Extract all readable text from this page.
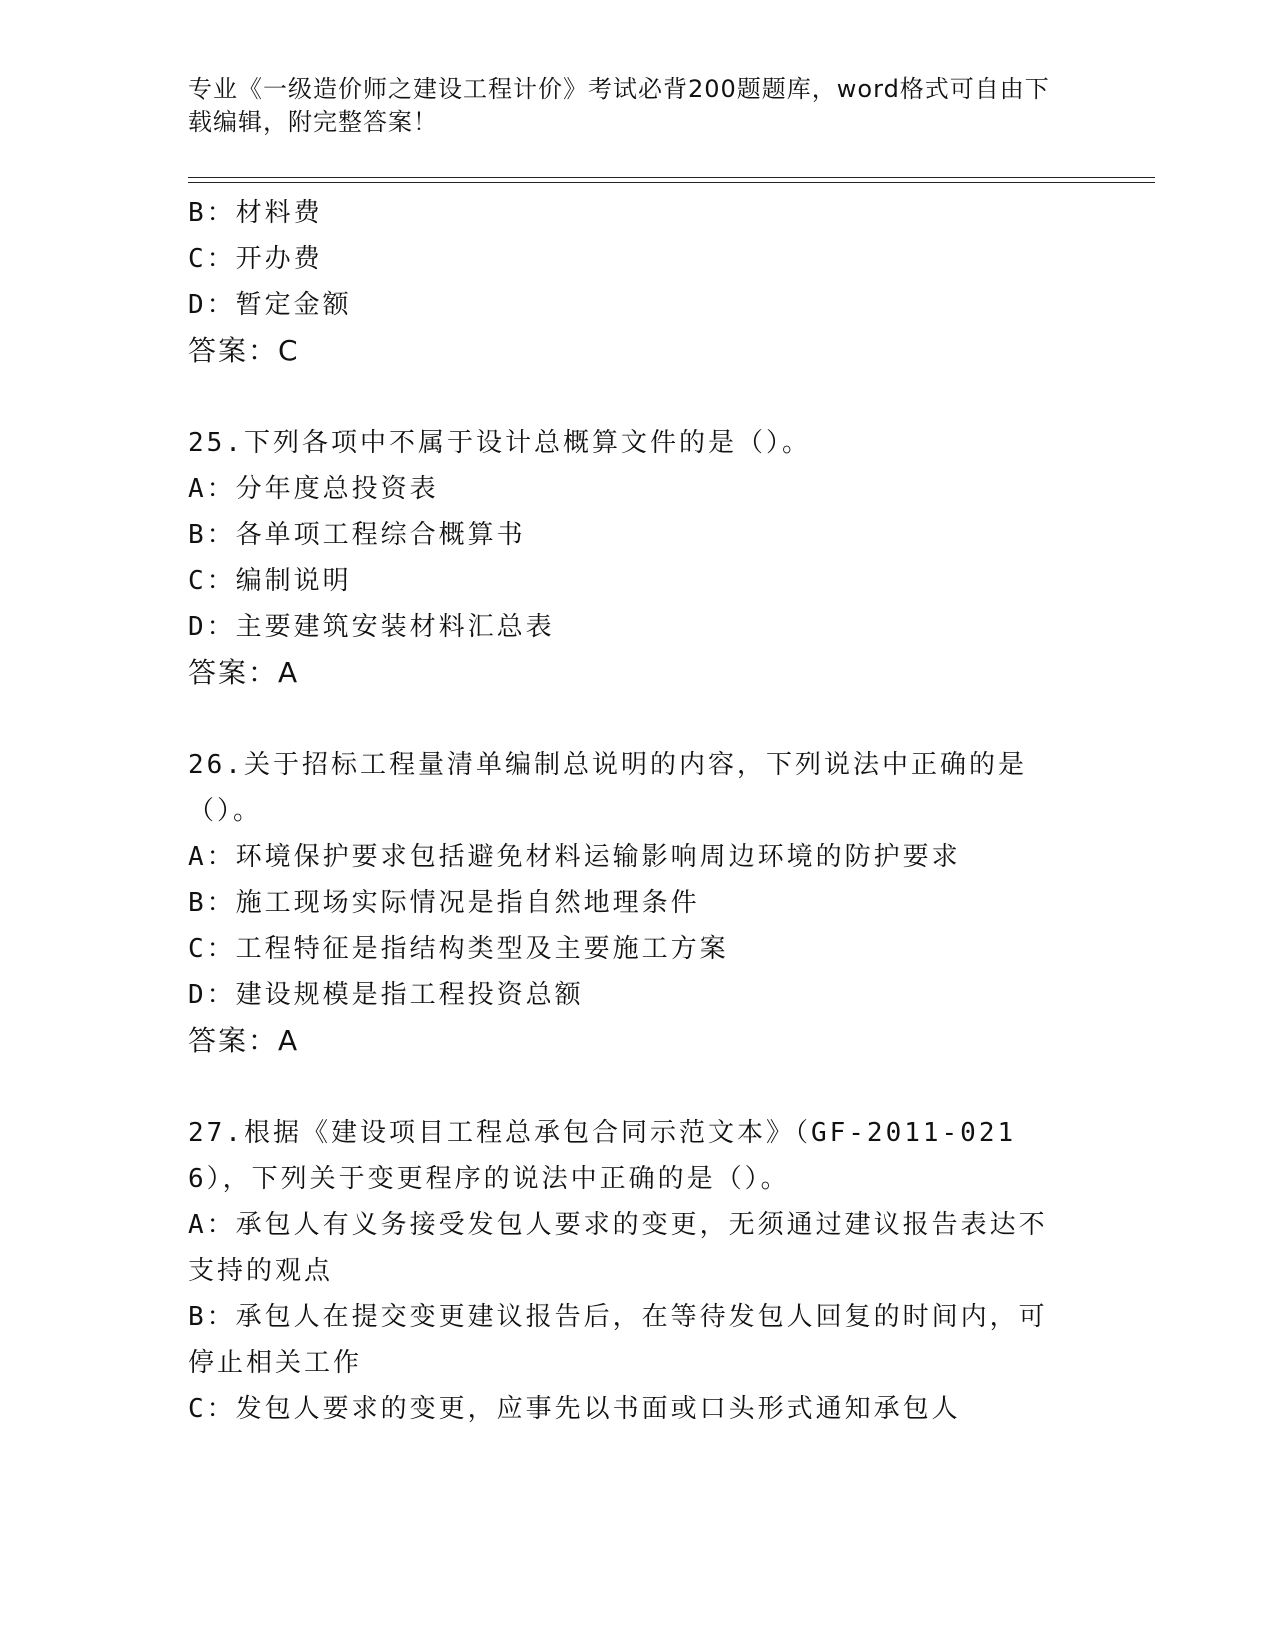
专业《一级造价师之建设工程计价》考试必背200题题库，word格式可自由下载编辑，附完整答案！
B：材料费
C：开办费
D：暂定金额
答案：C
25.下列各项中不属于设计总概算文件的是（）。
A：分年度总投资表
B：各单项工程综合概算书
C：编制说明
D：主要建筑安装材料汇总表
答案：A
26.关于招标工程量清单编制总说明的内容，下列说法中正确的是（）。
A：环境保护要求包括避免材料运输影响周边环境的防护要求
B：施工现场实际情况是指自然地理条件
C：工程特征是指结构类型及主要施工方案
D：建设规模是指工程投资总额
答案：A
27.根据《建设项目工程总承包合同示范文本》（GF-2011-0216），下列关于变更程序的说法中正确的是（）。
A：承包人有义务接受发包人要求的变更，无须通过建议报告表达不支持的观点
B：承包人在提交变更建议报告后，在等待发包人回复的时间内，可停止相关工作
C：发包人要求的变更，应事先以书面或口头形式通知承包人
